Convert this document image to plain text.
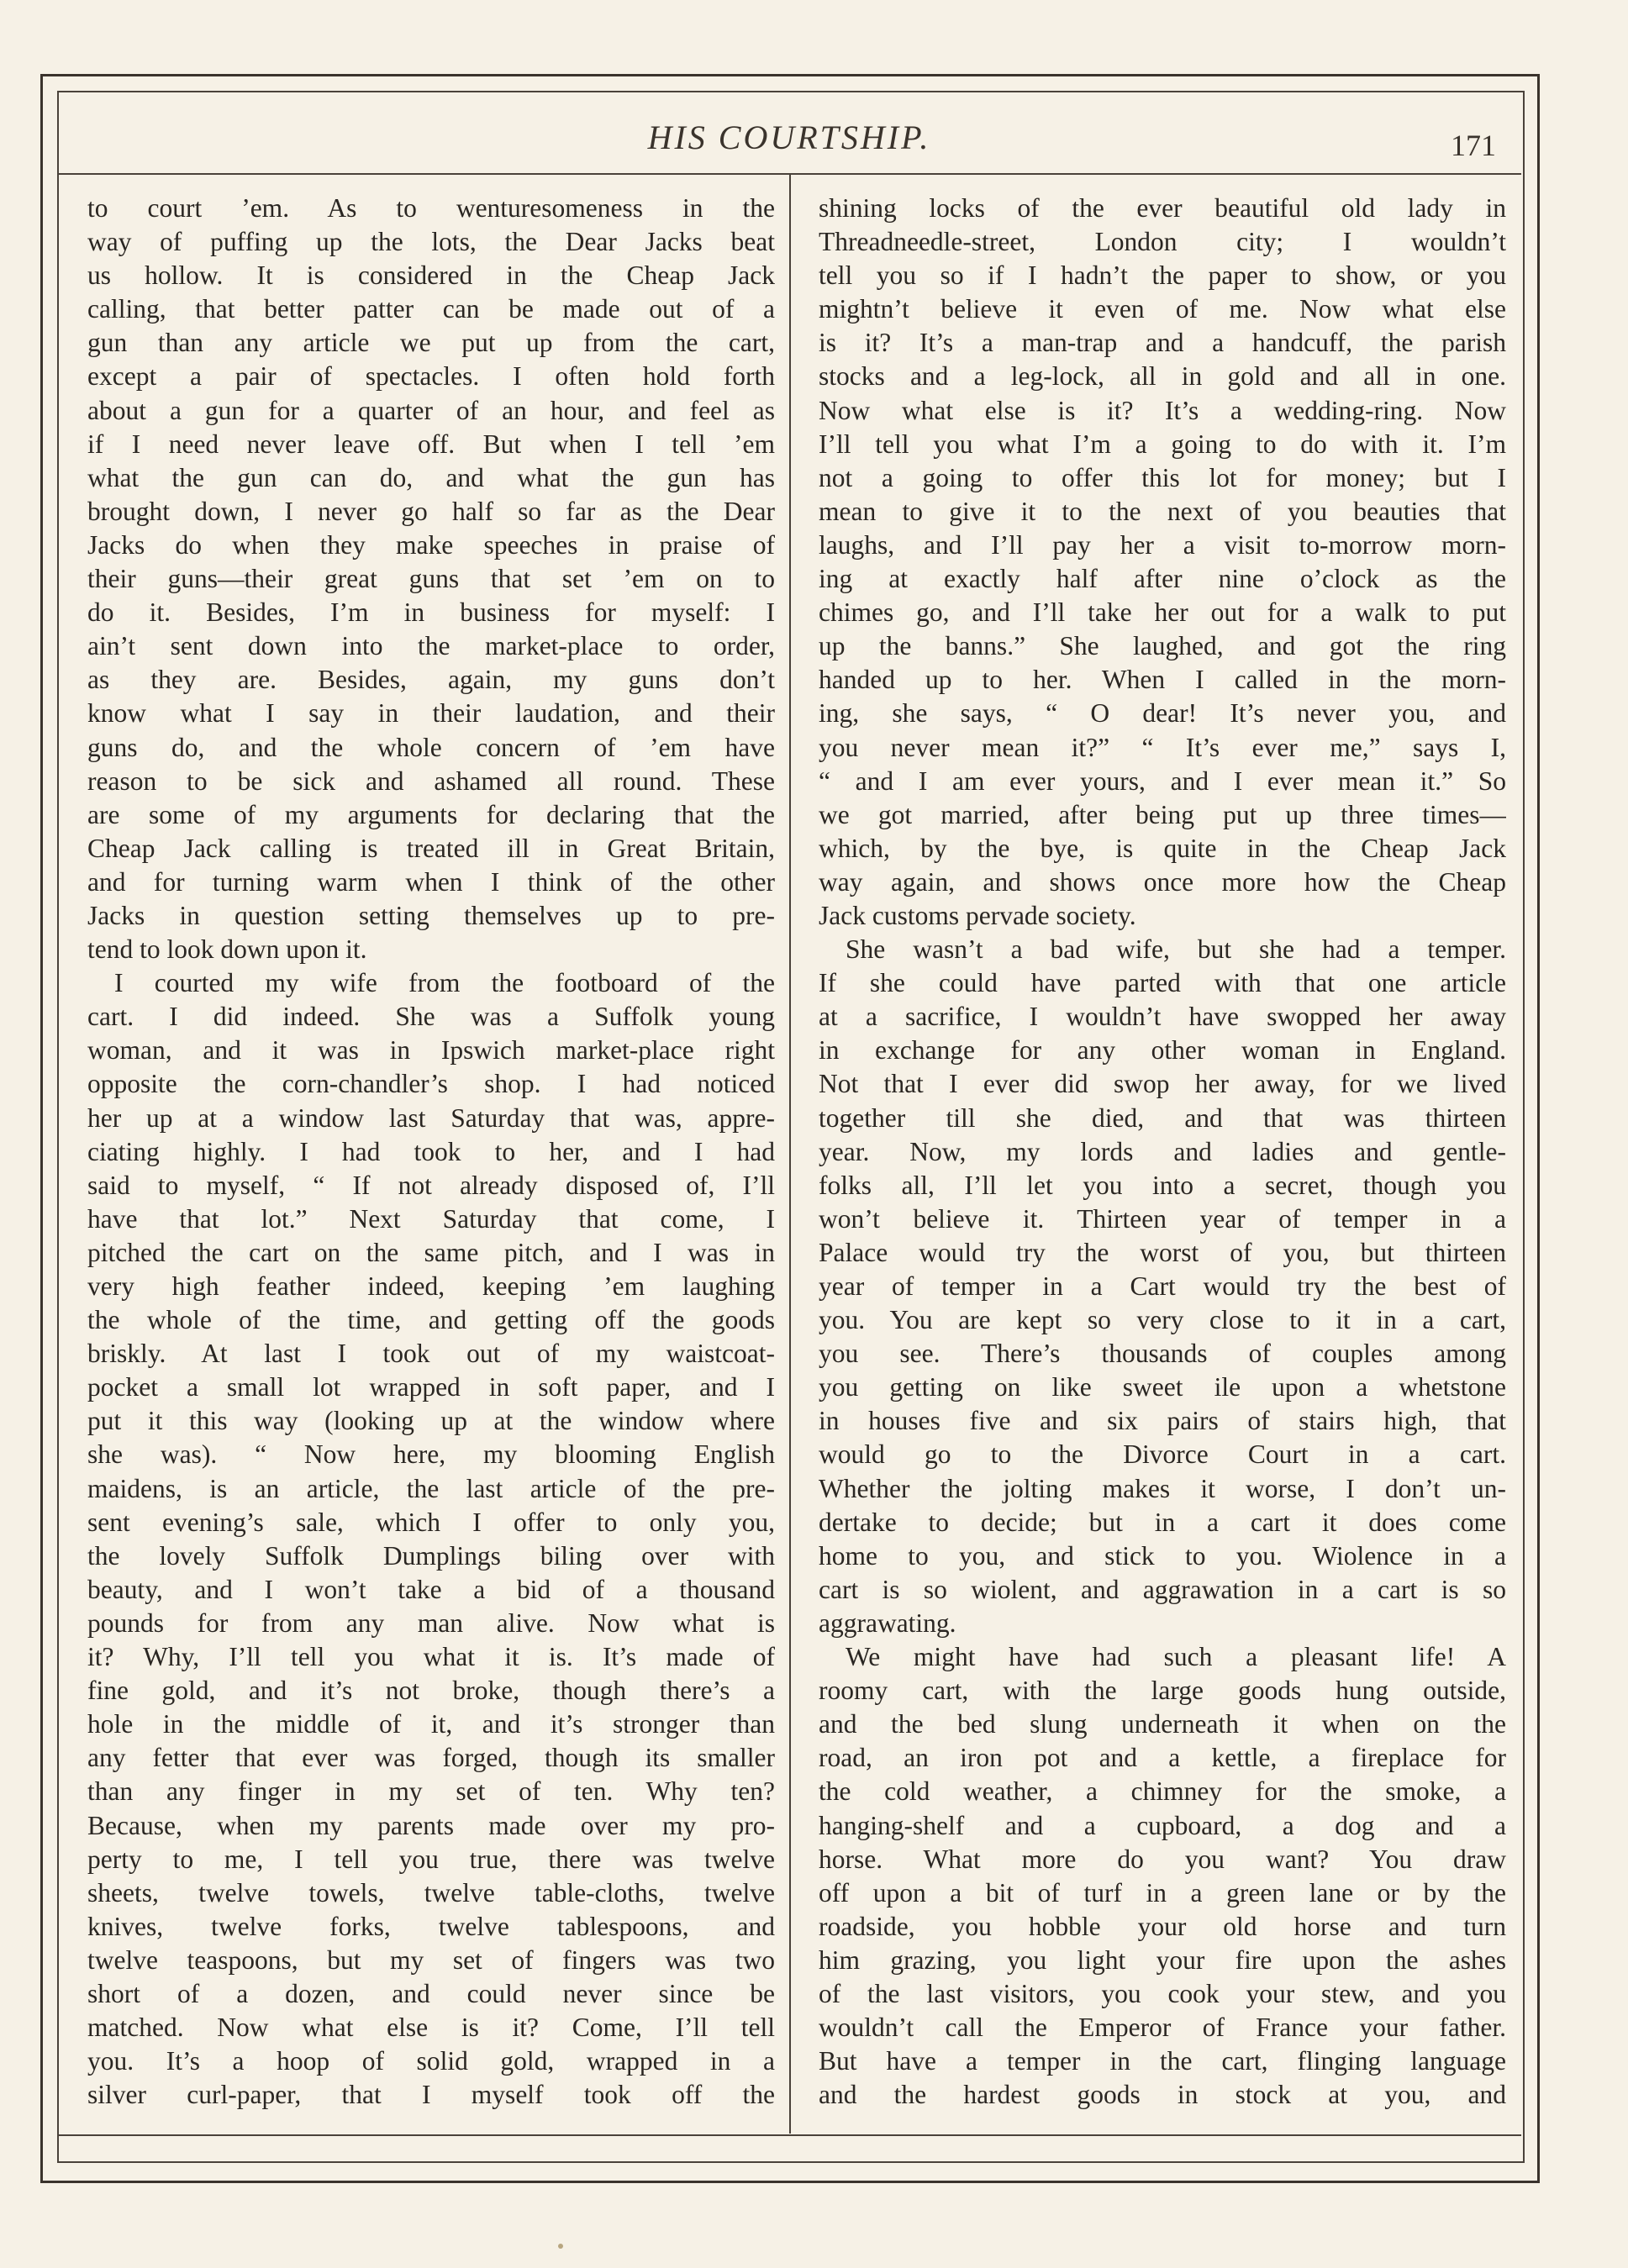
HIS COURTSHIP.	171
to court ’em. As to wenturesomeness in the
way of puffing up the lots, the Dear Jacks beat
us hollow. It is considered in the Cheap Jack
calling, that better patter can be made out of a
gun than any article we put up from the cart,
except a pair of spectacles. I often hold forth
about a gun for a quarter of an hour, and feel as
if I need never leave off. But when I tell ’em
what the gun can do, and what the gun has
brought down, I never go half so far as the Dear
Jacks do when they make speeches in praise of
their guns—their great guns that set ’em on to
do it. Besides, I’m in business for myself: I
ain’t sent down into the market-place to order,
as they are. Besides, again, my guns don’t
know what I say in their laudation, and their
guns do, and the whole concern of ’em have
reason to be sick and ashamed all round. These
are some of my arguments for declaring that the
Cheap Jack calling is treated ill in Great Britain,
and for turning warm when I think of the other
Jacks in question setting themselves up to pre-
tend to look down upon it.
I courted my wife from the footboard of the
cart. I did indeed. She was a Suffolk young
woman, and it was in Ipswich market-place right
opposite the corn-chandler’s shop. I had noticed
her up at a window last Saturday that was, appre-
ciating highly. I had took to her, and I had
said to myself, “ If not already disposed of, I’ll
have that lot.” Next Saturday that come, I
pitched the cart on the same pitch, and I was in
very high feather indeed, keeping ’em laughing
the whole of the time, and getting off the goods
briskly. At last I took out of my waistcoat-
pocket a small lot wrapped in soft paper, and I
put it this way (looking up at the window where
she was). “ Now here, my blooming English
maidens, is an article, the last article of the pre-
sent evening’s sale, which I offer to only you,
the lovely Suffolk Dumplings biling over with
beauty, and I won’t take a bid of a thousand
pounds for from any man alive. Now what is
it? Why, I’ll tell you what it is. It’s made of
fine gold, and it’s not broke, though there’s a
hole in the middle of it, and it’s stronger than
any fetter that ever was forged, though its smaller
than any finger in my set of ten. Why ten?
Because, when my parents made over my pro-
perty to me, I tell you true, there was twelve
sheets, twelve towels, twelve table-cloths, twelve
knives, twelve forks, twelve tablespoons, and
twelve teaspoons, but my set of fingers was two
short of a dozen, and could never since be
matched. Now what else is it? Come, I’ll tell
you. It’s a hoop of solid gold, wrapped in a
silver curl-paper, that I myself took off the
shining locks of the ever beautiful old lady in
Threadneedle-street, London city; I wouldn’t
tell you so if I hadn’t the paper to show, or you
mightn’t believe it even of me. Now what else
is it? It’s a man-trap and a handcuff, the parish
stocks and a leg-lock, all in gold and all in one.
Now what else is it? It’s a wedding-ring. Now
I’ll tell you what I’m a going to do with it. I’m
not a going to offer this lot for money; but I
mean to give it to the next of you beauties that
laughs, and I’ll pay her a visit to-morrow morn-
ing at exactly half after nine o’clock as the
chimes go, and I’ll take her out for a walk to put
up the banns.” She laughed, and got the ring
handed up to her. When I called in the morn-
ing, she says, “ O dear! It’s never you, and
you never mean it?” “ It’s ever me,” says I,
“ and I am ever yours, and I ever mean it.” So
we got married, after being put up three times—
which, by the bye, is quite in the Cheap Jack
way again, and shows once more how the Cheap
Jack customs pervade society.
She wasn’t a bad wife, but she had a temper.
If she could have parted with that one article
at a sacrifice, I wouldn’t have swopped her away
in exchange for any other woman in England.
Not that I ever did swop her away, for we lived
together till she died, and that was thirteen
year. Now, my lords and ladies and gentle-
folks all, I’ll let you into a secret, though you
won’t believe it. Thirteen year of temper in a
Palace would try the worst of you, but thirteen
year of temper in a Cart would try the best of
you. You are kept so very close to it in a cart,
you see. There’s thousands of couples among
you getting on like sweet ile upon a whetstone
in houses five and six pairs of stairs high, that
would go to the Divorce Court in a cart.
Whether the jolting makes it worse, I don’t un-
dertake to decide; but in a cart it does come
home to you, and stick to you. Wiolence in a
cart is so wiolent, and aggrawation in a cart is so
aggrawating.
We might have had such a pleasant life! A
roomy cart, with the large goods hung outside,
and the bed slung underneath it when on the
road, an iron pot and a kettle, a fireplace for
the cold weather, a chimney for the smoke, a
hanging-shelf and a cupboard, a dog and a
horse. What more do you want? You draw
off upon a bit of turf in a green lane or by the
roadside, you hobble your old horse and turn
him grazing, you light your fire upon the ashes
of the last visitors, you cook your stew, and you
wouldn’t call the Emperor of France your father.
But have a temper in the cart, flinging language
and the hardest goods in stock at you, and
